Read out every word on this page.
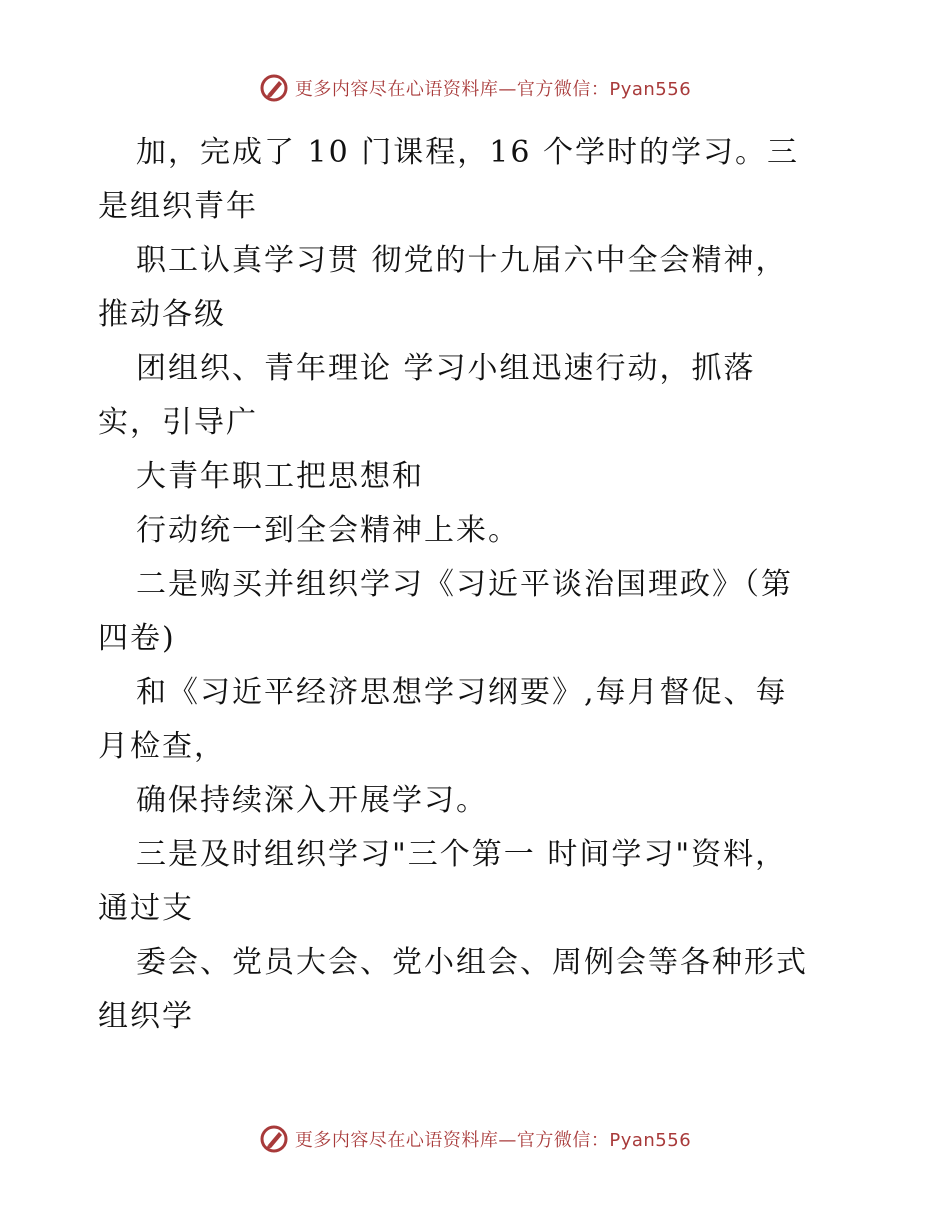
更多内容尽在心语资料库—官方微信：Pyan556
加，完成了 10 门课程，16 个学时的学习。三
是组织青年
职工认真学习贯 彻党的十九届六中全会精神，
推动各级
团组织、青年理论 学习小组迅速行动，抓落
实，引导广
大青年职工把思想和
行动统一到全会精神上来。
二是购买并组织学习《习近平谈治国理政》（第
四卷)
和《习近平经济思想学习纲要》,每月督促、每
月检查，
确保持续深入开展学习。
三是及时组织学习"三个第一 时间学习"资料，
通过支
委会、党员大会、党小组会、周例会等各种形式
组织学
更多内容尽在心语资料库—官方微信：Pyan556
